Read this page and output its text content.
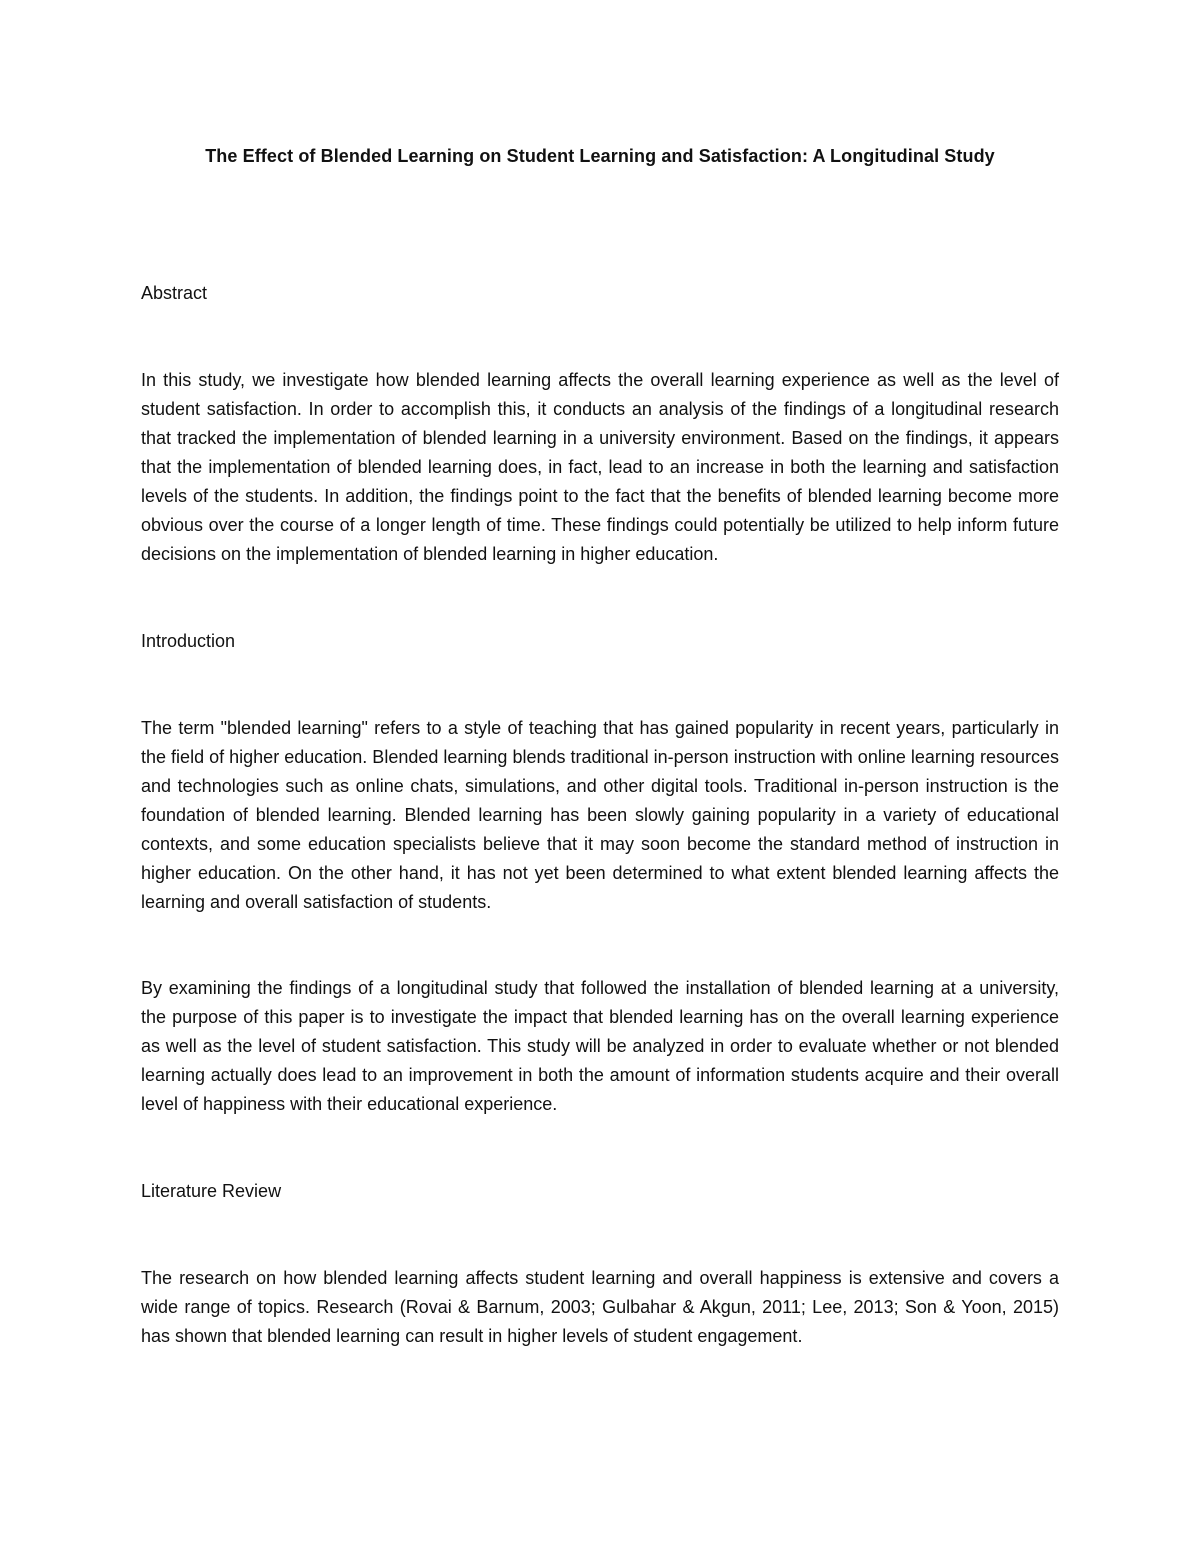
The Effect of Blended Learning on Student Learning and Satisfaction: A Longitudinal Study
Abstract

In this study, we investigate how blended learning affects the overall learning experience as well as the level of student satisfaction. In order to accomplish this, it conducts an analysis of the findings of a longitudinal research that tracked the implementation of blended learning in a university environment. Based on the findings, it appears that the implementation of blended learning does, in fact, lead to an increase in both the learning and satisfaction levels of the students. In addition, the findings point to the fact that the benefits of blended learning become more obvious over the course of a longer length of time. These findings could potentially be utilized to help inform future decisions on the implementation of blended learning in higher education.

Introduction

The term "blended learning" refers to a style of teaching that has gained popularity in recent years, particularly in the field of higher education. Blended learning blends traditional in-person instruction with online learning resources and technologies such as online chats, simulations, and other digital tools. Traditional in-person instruction is the foundation of blended learning. Blended learning has been slowly gaining popularity in a variety of educational contexts, and some education specialists believe that it may soon become the standard method of instruction in higher education. On the other hand, it has not yet been determined to what extent blended learning affects the learning and overall satisfaction of students.

By examining the findings of a longitudinal study that followed the installation of blended learning at a university, the purpose of this paper is to investigate the impact that blended learning has on the overall learning experience as well as the level of student satisfaction. This study will be analyzed in order to evaluate whether or not blended learning actually does lead to an improvement in both the amount of information students acquire and their overall level of happiness with their educational experience.

Literature Review

The research on how blended learning affects student learning and overall happiness is extensive and covers a wide range of topics. Research (Rovai & Barnum, 2003; Gulbahar & Akgun, 2011; Lee, 2013; Son & Yoon, 2015) has shown that blended learning can result in higher levels of student engagement.
